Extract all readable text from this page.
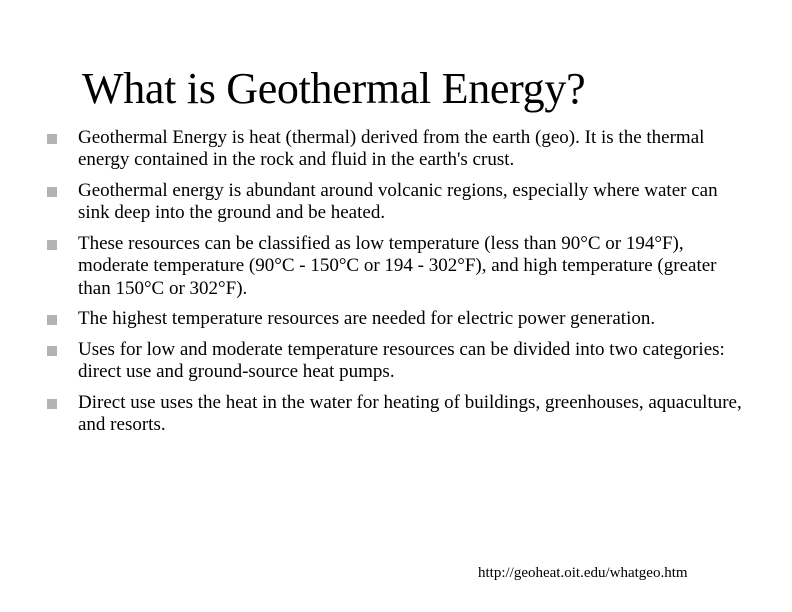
What is Geothermal Energy?
Geothermal Energy is heat (thermal) derived from the earth (geo). It is the thermal energy contained in the rock and fluid in the earth's crust.
Geothermal energy is abundant around volcanic regions, especially where water can sink deep into the ground and be heated.
These resources can be classified as low temperature (less than 90°C or 194°F), moderate temperature (90°C - 150°C or 194 - 302°F), and high temperature (greater than 150°C or 302°F).
The highest temperature resources are needed for electric power generation.
Uses for low and moderate temperature resources can be divided into two categories: direct use and ground-source heat pumps.
Direct use uses the heat in the water for heating of buildings, greenhouses, aquaculture, and resorts.
http://geoheat.oit.edu/whatgeo.htm
